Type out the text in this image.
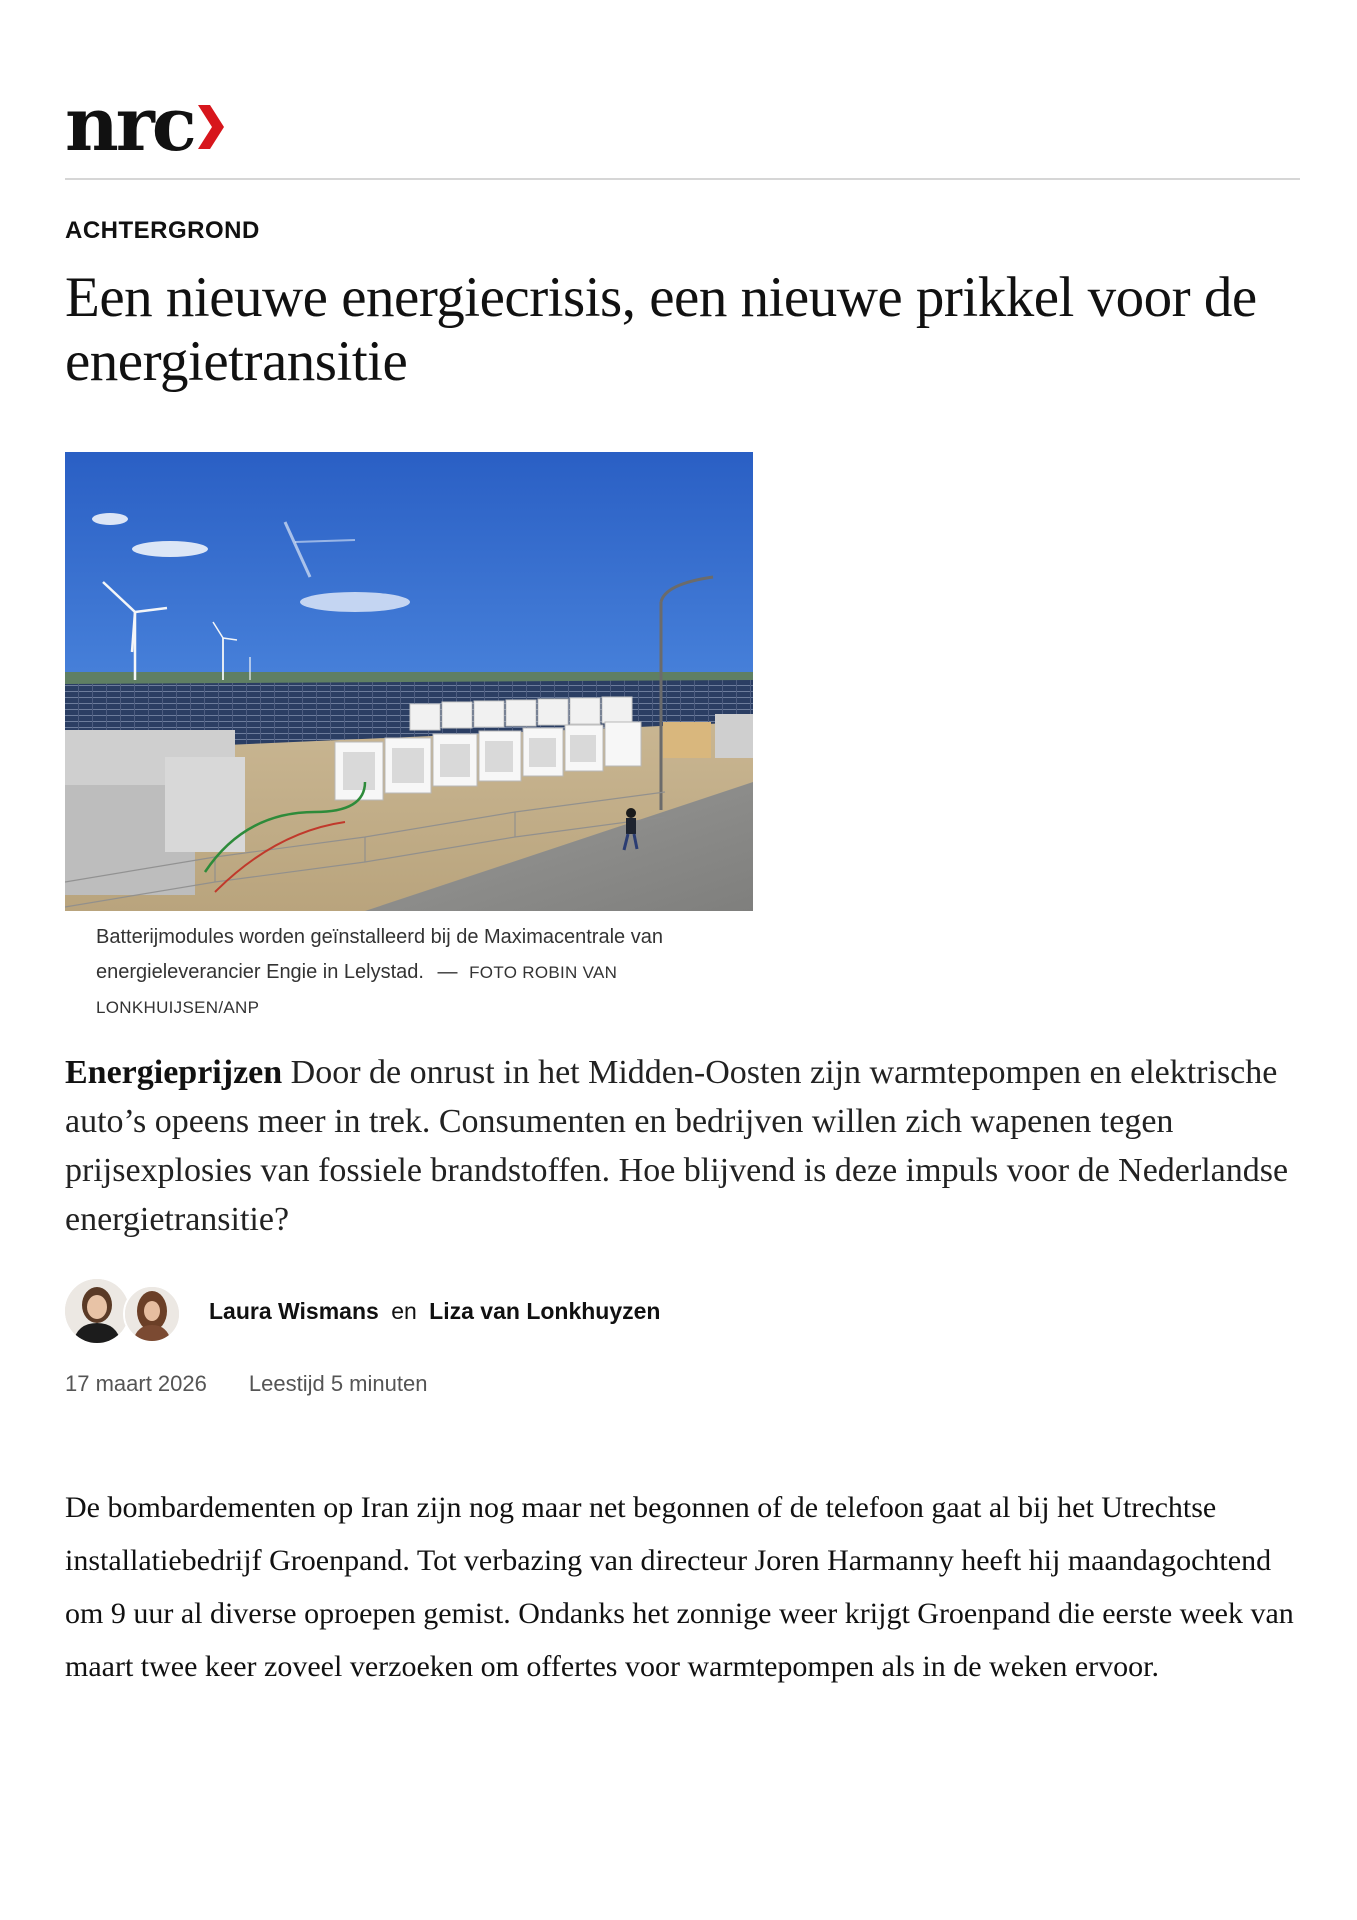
nrc
ACHTERGROND
Een nieuwe energiecrisis, een nieuwe prikkel voor de energietransitie
Batterijmodules worden geïnstalleerd bij de Maximacentrale van energieleverancier Engie in Lelystad. — FOTO ROBIN VAN LONKHUIJSEN/ANP

Energieprijzen Door de onrust in het Midden-Oosten zijn warmtepompen en elektrische auto’s opeens meer in trek. Consumenten en bedrijven willen zich wapenen tegen prijsexplosies van fossiele brandstoffen. Hoe blijvend is deze impuls voor de Nederlandse energietransitie?

Laura Wismans en Liza van Lonkhuyzen
17 maart 2026 Leestijd 5 minuten

De bombardementen op Iran zijn nog maar net begonnen of de telefoon gaat al bij het Utrechtse installatiebedrijf Groenpand. Tot verbazing van directeur Joren Harmanny heeft hij maandagochtend om 9 uur al diverse oproepen gemist. Ondanks het zonnige weer krijgt Groenpand die eerste week van maart twee keer zoveel verzoeken om offertes voor warmtepompen als in de weken ervoor.
